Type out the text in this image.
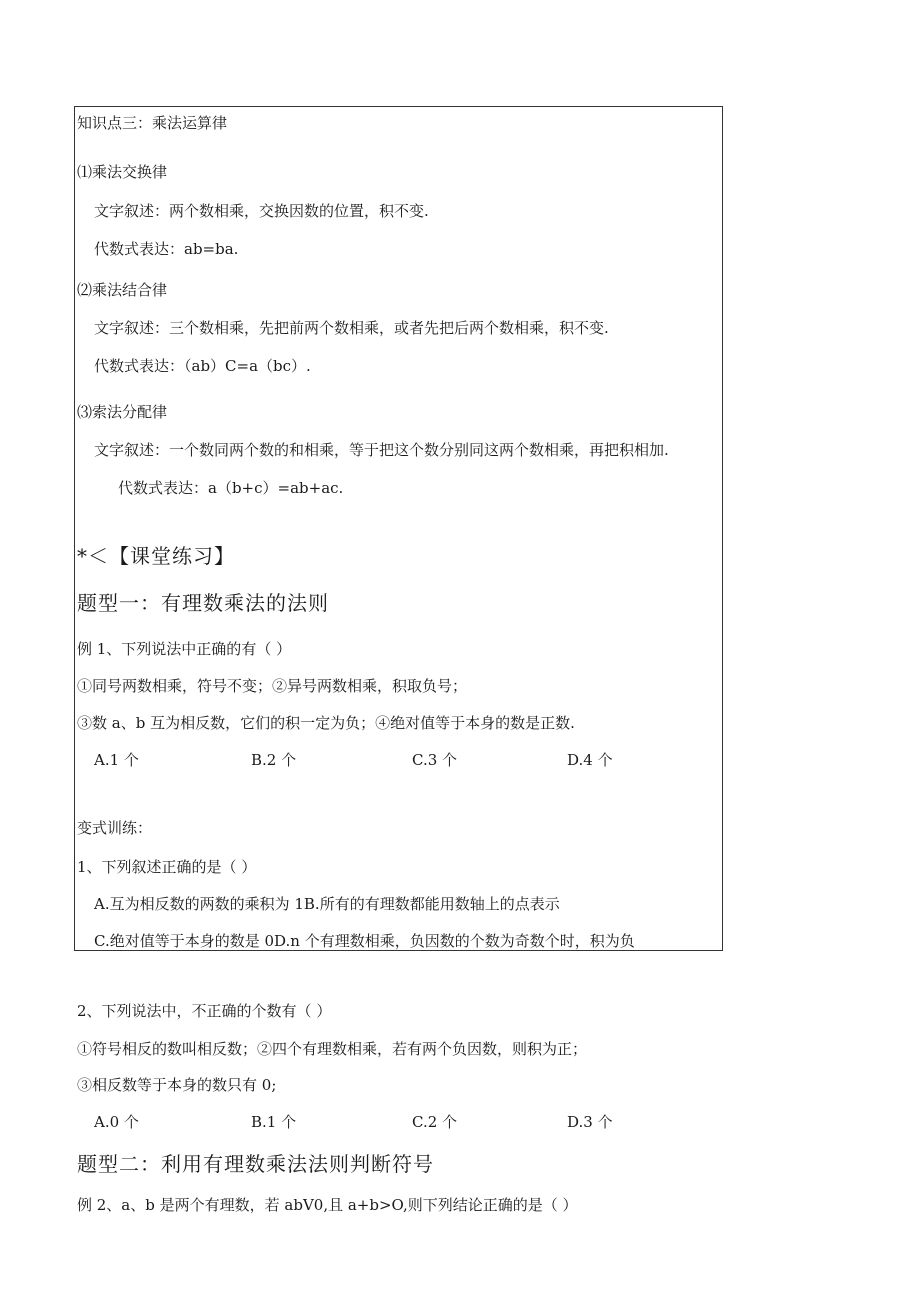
知识点三：乘法运算律
⑴乘法交换律
文字叙述：两个数相乘，交换因数的位置，积不变.
代数式表达：ab=ba.
⑵乘法结合律
文字叙述：三个数相乘，先把前两个数相乘，或者先把后两个数相乘，积不变.
代数式表达：（ab）C=a（bc）.
⑶索法分配律
文字叙述：一个数同两个数的和相乘，等于把这个数分别同这两个数相乘，再把积相加.
代数式表达：a（b+c）=ab+ac.
*＜【课堂练习】
题型一：有理数乘法的法则
例 1、下列说法中正确的有（ ）
①同号两数相乘，符号不变；②异号两数相乘，积取负号；
③数 a、b 互为相反数，它们的积一定为负；④绝对值等于本身的数是正数.
A.1 个	B.2 个	C.3 个	D.4 个
变式训练：
1、下列叙述正确的是（ ）
A.互为相反数的两数的乘积为 1B.所有的有理数都能用数轴上的点表示
C.绝对值等于本身的数是 0D.n 个有理数相乘，负因数的个数为奇数个时，积为负
2、下列说法中，不正确的个数有（ ）
①符号相反的数叫相反数；②四个有理数相乘，若有两个负因数，则积为正；
③相反数等于本身的数只有 0;
A.0 个	B.1 个	C.2 个	D.3 个
题型二：利用有理数乘法法则判断符号
例 2、a、b 是两个有理数，若 abV0,且 a+b>O,则下列结论正确的是（ ）
